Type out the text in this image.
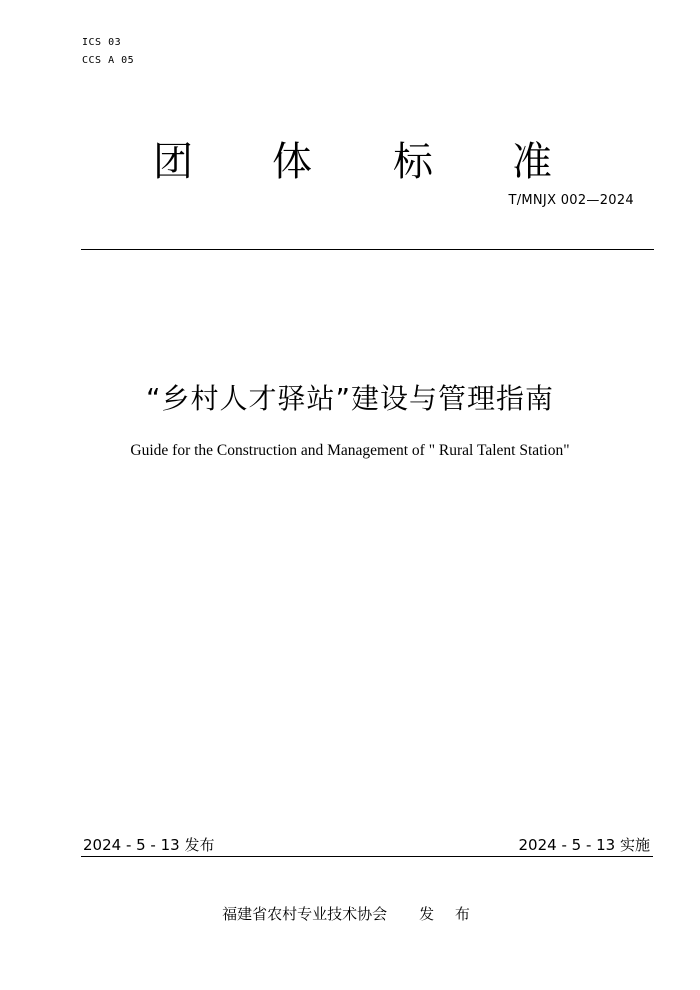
ICS 03
CCS A 05
团 体 标 准
T/MNJX 002—2024
“乡村人才驿站”建设与管理指南
Guide for the Construction and Management of " Rural Talent Station"
2024 - 5 - 13 发布	2024 - 5 - 13 实施
福建省农村专业技术协会 发 布
